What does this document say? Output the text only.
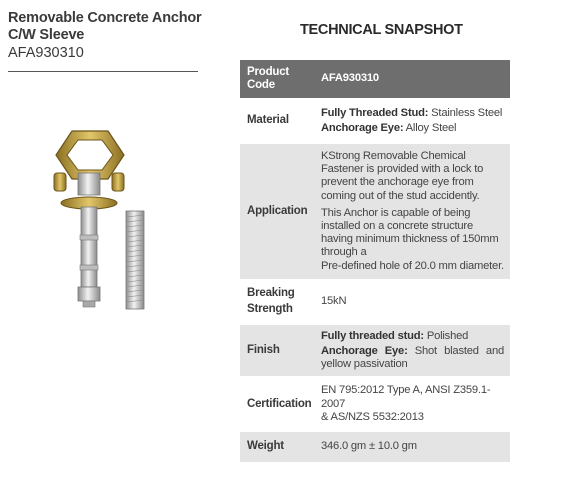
Removable Concrete Anchor
C/W Sleeve
AFA930310
TECHNICAL SNAPSHOT
Product Code	AFA930310

Material	Fully Threaded Stud: Stainless Steel
Anchorage Eye: Alloy Steel

Application	KStrong Removable Chemical Fastener is provided with a lock to prevent the anchorage eye from coming out of the stud accidently.
This Anchor is capable of being installed on a concrete structure having minimum thickness of 150mm through a
Pre-defined hole of 20.0 mm diameter.

Breaking
Strength	15kN

Finish	Fully threaded stud: Polished
Anchorage Eye: Shot blasted and yellow passivation

Certification	EN 795:2012 Type A, ANSI Z359.1-2007
& AS/NZS 5532:2013

Weight	346.0 gm ± 10.0 gm
